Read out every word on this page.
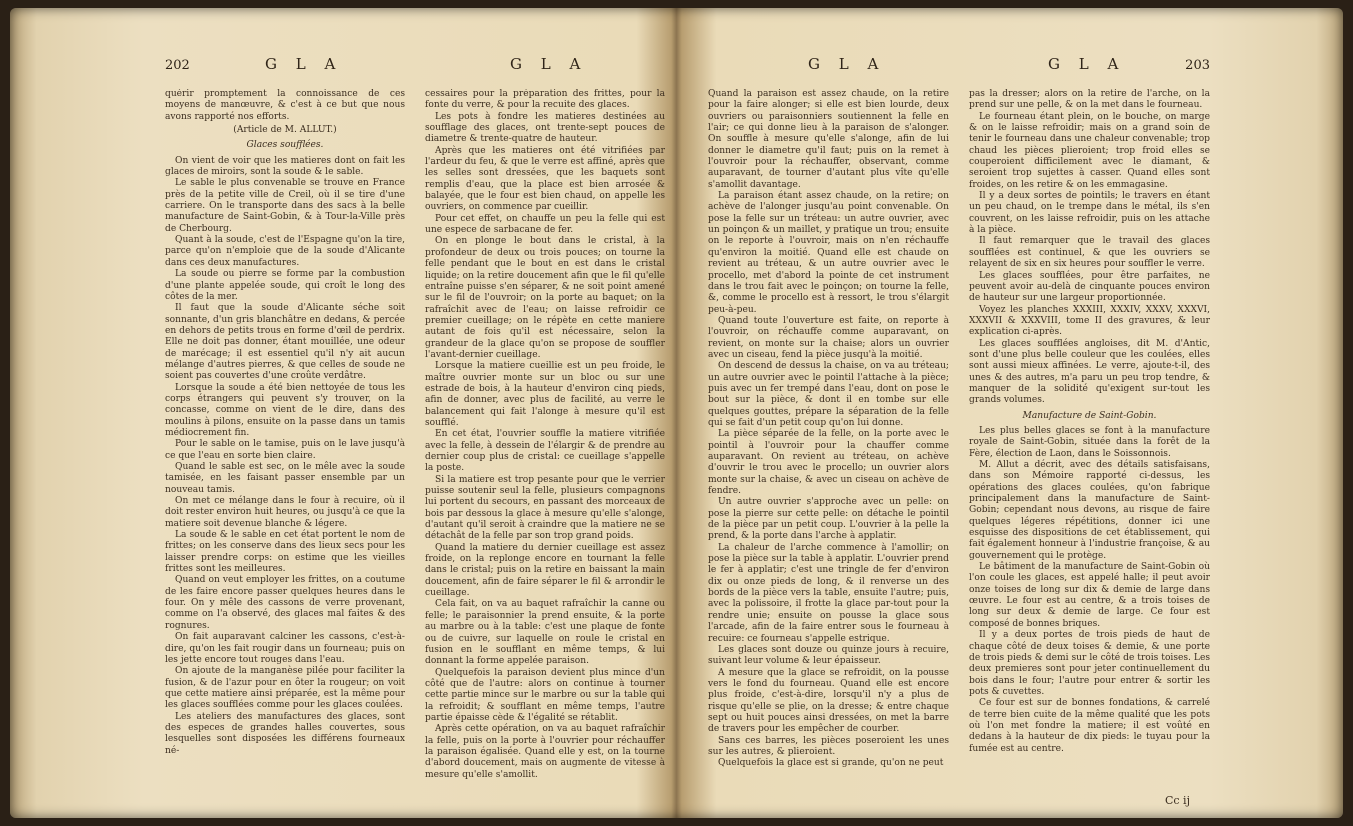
202	G L A	G L A

quérir promptement la connoissance de ces moyens de manœuvre, & c'est à ce but que nous avons rapporté nos efforts.

(Article de M. ALLUT.)

Glaces soufflées.

On vient de voir que les matieres dont on fait les glaces de miroirs, sont la soude & le sable.

Le sable le plus convenable se trouve en France près de la petite ville de Creil, où il se tire d'une carriere. On le transporte dans des sacs à la belle manufacture de Saint-Gobin, & à Tour-la-Ville près de Cherbourg.

Quant à la soude, c'est de l'Espagne qu'on la tire, parce qu'on n'emploie que de la soude d'Alicante dans ces deux manufactures.

La soude ou pierre se forme par la combustion d'une plante appelée soude, qui croît le long des côtes de la mer.

Il faut que la soude d'Alicante séche soit sonnante, d'un gris blanchâtre en dedans, & percée en dehors de petits trous en forme d'œil de perdrix. Elle ne doit pas donner, étant mouillée, une odeur de marécage; il est essentiel qu'il n'y ait aucun mélange d'autres pierres, & que celles de soude ne soient pas couvertes d'une croûte verdâtre.

Lorsque la soude a été bien nettoyée de tous les corps étrangers qui peuvent s'y trouver, on la concasse, comme on vient de le dire, dans des moulins à pilons, ensuite on la passe dans un tamis médiocrement fin.

Pour le sable on le tamise, puis on le lave jusqu'à ce que l'eau en sorte bien claire.

Quand le sable est sec, on le mêle avec la soude tamisée, en les faisant passer ensemble par un nouveau tamis.

On met ce mélange dans le four à recuire, où il doit rester environ huit heures, ou jusqu'à ce que la matiere soit devenue blanche & légere.

La soude & le sable en cet état portent le nom de frittes; on les conserve dans des lieux secs pour les laisser prendre corps: on estime que les vieilles frittes sont les meilleures.

Quand on veut employer les frittes, on a coutume de les faire encore passer quelques heures dans le four. On y mêle des cassons de verre provenant, comme on l'a observé, des glaces mal faites & des rognures.

On fait auparavant calciner les cassons, c'est-à-dire, qu'on les fait rougir dans un fourneau; puis on les jette encore tout rouges dans l'eau.

On ajoute de la manganèse pilée pour faciliter la fusion, & de l'azur pour en ôter la rougeur; on voit que cette matiere ainsi préparée, est la même pour les glaces soufflées comme pour les glaces coulées.

Les ateliers des manufactures des glaces, sont des especes de grandes halles couvertes, sous lesquelles sont disposées les différens fourneaux né-

cessaires pour la préparation des frittes, pour la fonte du verre, & pour la recuite des glaces.

Les pots à fondre les matieres destinées au soufflage des glaces, ont trente-sept pouces de diametre & trente-quatre de hauteur.

Après que les matieres ont été vitrifiées par l'ardeur du feu, & que le verre est affiné, après que les selles sont dressées, que les baquets sont remplis d'eau, que la place est bien arrosée & balayée, que le four est bien chaud, on appelle les ouvriers, on commence par cueillir.

Pour cet effet, on chauffe un peu la felle qui est une espece de sarbacane de fer.

On en plonge le bout dans le cristal, à la profondeur de deux ou trois pouces; on tourne la felle pendant que le bout en est dans le cristal liquide; on la retire doucement afin que le fil qu'elle entraîne puisse s'en séparer, & ne soit point amené sur le fil de l'ouvroir; on la porte au baquet; on la rafraîchit avec de l'eau; on laisse refroidir ce premier cueillage; on le répète en cette maniere autant de fois qu'il est nécessaire, selon la grandeur de la glace qu'on se propose de souffler l'avant-dernier cueillage.

Lorsque la matiere cueillie est un peu froide, le maître ouvrier monte sur un bloc ou sur une estrade de bois, à la hauteur d'environ cinq pieds, afin de donner, avec plus de facilité, au verre le balancement qui fait l'alonge à mesure qu'il est soufflé.

En cet état, l'ouvrier souffle la matiere vitrifiée avec la felle, à dessein de l'élargir & de prendre au dernier coup plus de cristal: ce cueillage s'appelle la poste.

Si la matiere est trop pesante pour que le verrier puisse soutenir seul la felle, plusieurs compagnons lui portent du secours, en passant des morceaux de bois par dessous la glace à mesure qu'elle s'alonge, d'autant qu'il seroit à craindre que la matiere ne se détachât de la felle par son trop grand poids.

Quand la matiere du dernier cueillage est assez froide, on la replonge encore en tournant la felle dans le cristal; puis on la retire en baissant la main doucement, afin de faire séparer le fil & arrondir le cueillage.

Cela fait, on va au baquet rafraîchir la canne ou felle; le paraisonnier la prend ensuite, & la porte au marbre ou à la table: c'est une plaque de fonte ou de cuivre, sur laquelle on roule le cristal en fusion en le soufflant en même temps, & lui donnant la forme appelée paraison.

Quelquefois la paraison devient plus mince d'un côté que de l'autre: alors on continue à tourner cette partie mince sur le marbre ou sur la table qui la refroidit; & soufflant en même temps, l'autre partie épaisse cède & l'égalité se rétablit.

Après cette opération, on va au baquet rafraîchir la felle, puis on la porte à l'ouvrier pour réchauffer la paraison égalisée. Quand elle y est, on la tourne d'abord doucement, mais on augmente de vitesse à mesure qu'elle s'amollit.

G L A	G L A	203

Quand la paraison est assez chaude, on la retire pour la faire alonger; si elle est bien lourde, deux ouvriers ou paraisonniers soutiennent la felle en l'air; ce qui donne lieu à la paraison de s'alonger. On souffle à mesure qu'elle s'alonge, afin de lui donner le diametre qu'il faut; puis on la remet à l'ouvroir pour la réchauffer, observant, comme auparavant, de tourner d'autant plus vîte qu'elle s'amollit davantage.

La paraison étant assez chaude, on la retire; on achève de l'alonger jusqu'au point convenable. On pose la felle sur un tréteau: un autre ouvrier, avec un poinçon & un maillet, y pratique un trou; ensuite on le reporte à l'ouvroir, mais on n'en réchauffe qu'environ la moitié. Quand elle est chaude on revient au tréteau, & un autre ouvrier avec le procello, met d'abord la pointe de cet instrument dans le trou fait avec le poinçon; on tourne la felle, &, comme le procello est à ressort, le trou s'élargit peu-à-peu.

Quand toute l'ouverture est faite, on reporte à l'ouvroir, on réchauffe comme auparavant, on revient, on monte sur la chaise; alors un ouvrier avec un ciseau, fend la pièce jusqu'à la moitié.

On descend de dessus la chaise, on va au tréteau; un autre ouvrier avec le pointil l'attache à la pièce; puis avec un fer trempé dans l'eau, dont on pose le bout sur la pièce, & dont il en tombe sur elle quelques gouttes, prépare la séparation de la felle qui se fait d'un petit coup qu'on lui donne.

La pièce séparée de la felle, on la porte avec le pointil à l'ouvroir pour la chauffer comme auparavant. On revient au tréteau, on achève d'ouvrir le trou avec le procello; un ouvrier alors monte sur la chaise, & avec un ciseau on achève de fendre.

Un autre ouvrier s'approche avec un pelle: on pose la pierre sur cette pelle: on détache le pointil de la pièce par un petit coup. L'ouvrier à la pelle la prend, & la porte dans l'arche à applatir.

La chaleur de l'arche commence à l'amollir; on pose la pièce sur la table à applatir. L'ouvrier prend le fer à applatir; c'est une tringle de fer d'environ dix ou onze pieds de long, & il renverse un des bords de la pièce vers la table, ensuite l'autre; puis, avec la polissoire, il frotte la glace par-tout pour la rendre unie; ensuite on pousse la glace sous l'arcade, afin de la faire entrer sous le fourneau à recuire: ce fourneau s'appelle estrique.

Les glaces sont douze ou quinze jours à recuire, suivant leur volume & leur épaisseur.

A mesure que la glace se refroidit, on la pousse vers le fond du fourneau. Quand elle est encore plus froide, c'est-à-dire, lorsqu'il n'y a plus de risque qu'elle se plie, on la dresse; & entre chaque sept ou huit pouces ainsi dressées, on met la barre de travers pour les empêcher de courber.

Sans ces barres, les pièces poseroient les unes sur les autres, & plieroient.

Quelquefois la glace est si grande, qu'on ne peut

pas la dresser; alors on la retire de l'arche, on la prend sur une pelle, & on la met dans le fourneau.

Le fourneau étant plein, on le bouche, on marge & on le laisse refroidir; mais on a grand soin de tenir le fourneau dans une chaleur convenable; trop chaud les pièces plieroient; trop froid elles se couperoient difficilement avec le diamant, & seroient trop sujettes à casser. Quand elles sont froides, on les retire & on les emmagasine.

Il y a deux sortes de pointils; le travers en étant un peu chaud, on le trempe dans le métal, ils s'en couvrent, on les laisse refroidir, puis on les attache à la pièce.

Il faut remarquer que le travail des glaces soufflées est continuel, & que les ouvriers se relayent de six en six heures pour souffler le verre.

Les glaces soufflées, pour être parfaites, ne peuvent avoir au-delà de cinquante pouces environ de hauteur sur une largeur proportionnée.

Voyez les planches XXXIII, XXXIV, XXXV, XXXVI, XXXVII & XXXVIII, tome II des gravures, & leur explication ci-après.

Les glaces soufflées angloises, dit M. d'Antic, sont d'une plus belle couleur que les coulées, elles sont aussi mieux affinées. Le verre, ajoute-t-il, des unes & des autres, m'a paru un peu trop tendre, & manquer de la solidité qu'exigent sur-tout les grands volumes.

Manufacture de Saint-Gobin.

Les plus belles glaces se font à la manufacture royale de Saint-Gobin, située dans la forêt de la Fère, élection de Laon, dans le Soissonnois.

M. Allut a décrit, avec des détails satisfaisans, dans son Mémoire rapporté ci-dessus, les opérations des glaces coulées, qu'on fabrique principalement dans la manufacture de Saint-Gobin; cependant nous devons, au risque de faire quelques légeres répétitions, donner ici une esquisse des dispositions de cet établissement, qui fait également honneur à l'industrie françoise, & au gouvernement qui le protège.

Le bâtiment de la manufacture de Saint-Gobin où l'on coule les glaces, est appelé halle; il peut avoir onze toises de long sur dix & demie de large dans œuvre. Le four est au centre, & a trois toises de long sur deux & demie de large. Ce four est composé de bonnes briques.

Il y a deux portes de trois pieds de haut de chaque côté de deux toises & demie, & une porte de trois pieds & demi sur le côté de trois toises. Les deux premieres sont pour jeter continuellement du bois dans le four; l'autre pour entrer & sortir les pots & cuvettes.

Ce four est sur de bonnes fondations, & carrelé de terre bien cuite de la même qualité que les pots où l'on met fondre la matiere; il est voûté en dedans à la hauteur de dix pieds: le tuyau pour la fumée est au centre.

Cc ij
